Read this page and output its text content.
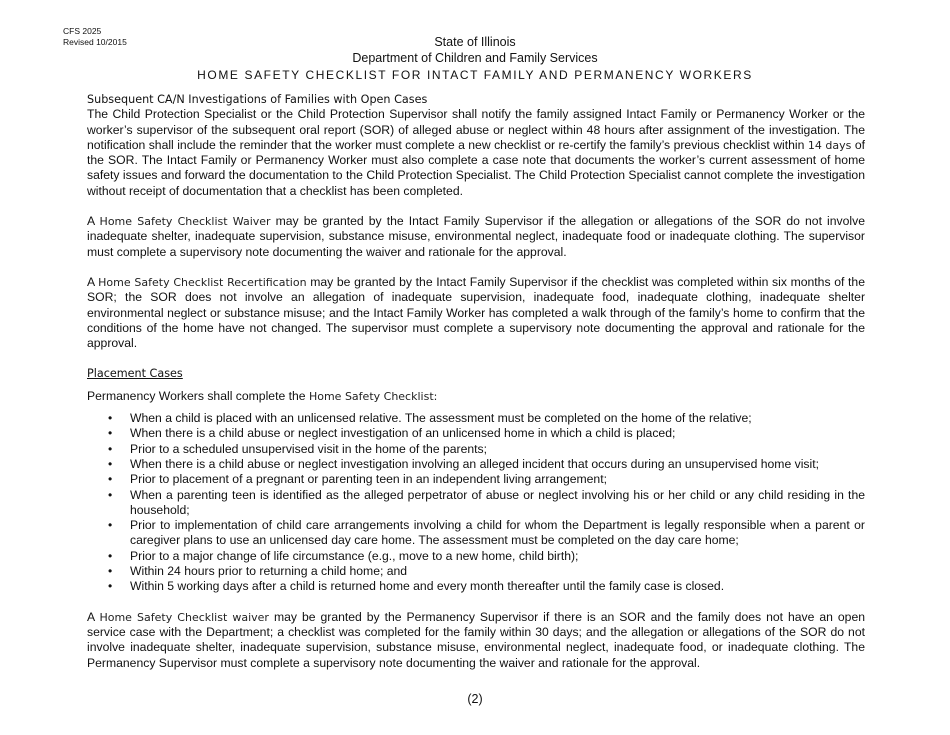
CFS 2025
Revised 10/2015	State of Illinois
Department of Children and Family Services
HOME SAFETY CHECKLIST FOR INTACT FAMILY AND PERMANENCY WORKERS

Subsequent CA/N Investigations of Families with Open Cases

The Child Protection Specialist or the Child Protection Supervisor shall notify the family assigned Intact Family or Permanency Worker or the worker’s supervisor of the subsequent oral report (SOR) of alleged abuse or neglect within 48 hours after assignment of the investigation. The notification shall include the reminder that the worker must complete a new checklist or re-certify the family’s previous checklist within 14 days of the SOR. The Intact Family or Permanency Worker must also complete a case note that documents the worker’s current assessment of home safety issues and forward the documentation to the Child Protection Specialist. The Child Protection Specialist cannot complete the investigation without receipt of documentation that a checklist has been completed.

A Home Safety Checklist Waiver may be granted by the Intact Family Supervisor if the allegation or allegations of the SOR do not involve inadequate shelter, inadequate supervision, substance misuse, environmental neglect, inadequate food or inadequate clothing. The supervisor must complete a supervisory note documenting the waiver and rationale for the approval.

A Home Safety Checklist Recertification may be granted by the Intact Family Supervisor if the checklist was completed within six months of the SOR; the SOR does not involve an allegation of inadequate supervision, inadequate food, inadequate clothing, inadequate shelter environmental neglect or substance misuse; and the Intact Family Worker has completed a walk through of the family’s home to confirm that the conditions of the home have not changed. The supervisor must complete a supervisory note documenting the approval and rationale for the approval.

Placement Cases

Permanency Workers shall complete the Home Safety Checklist:

• When a child is placed with an unlicensed relative. The assessment must be completed on the home of the relative;
• When there is a child abuse or neglect investigation of an unlicensed home in which a child is placed;
• Prior to a scheduled unsupervised visit in the home of the parents;
• When there is a child abuse or neglect investigation involving an alleged incident that occurs during an unsupervised home visit;
• Prior to placement of a pregnant or parenting teen in an independent living arrangement;
• When a parenting teen is identified as the alleged perpetrator of abuse or neglect involving his or her child or any child residing in the household;
• Prior to implementation of child care arrangements involving a child for whom the Department is legally responsible when a parent or caregiver plans to use an unlicensed day care home. The assessment must be completed on the day care home;
• Prior to a major change of life circumstance (e.g., move to a new home, child birth);
• Within 24 hours prior to returning a child home; and
• Within 5 working days after a child is returned home and every month thereafter until the family case is closed.

A Home Safety Checklist waiver may be granted by the Permanency Supervisor if there is an SOR and the family does not have an open service case with the Department; a checklist was completed for the family within 30 days; and the allegation or allegations of the SOR do not involve inadequate shelter, inadequate supervision, substance misuse, environmental neglect, inadequate food, or inadequate clothing. The Permanency Supervisor must complete a supervisory note documenting the waiver and rationale for the approval.

(2)
